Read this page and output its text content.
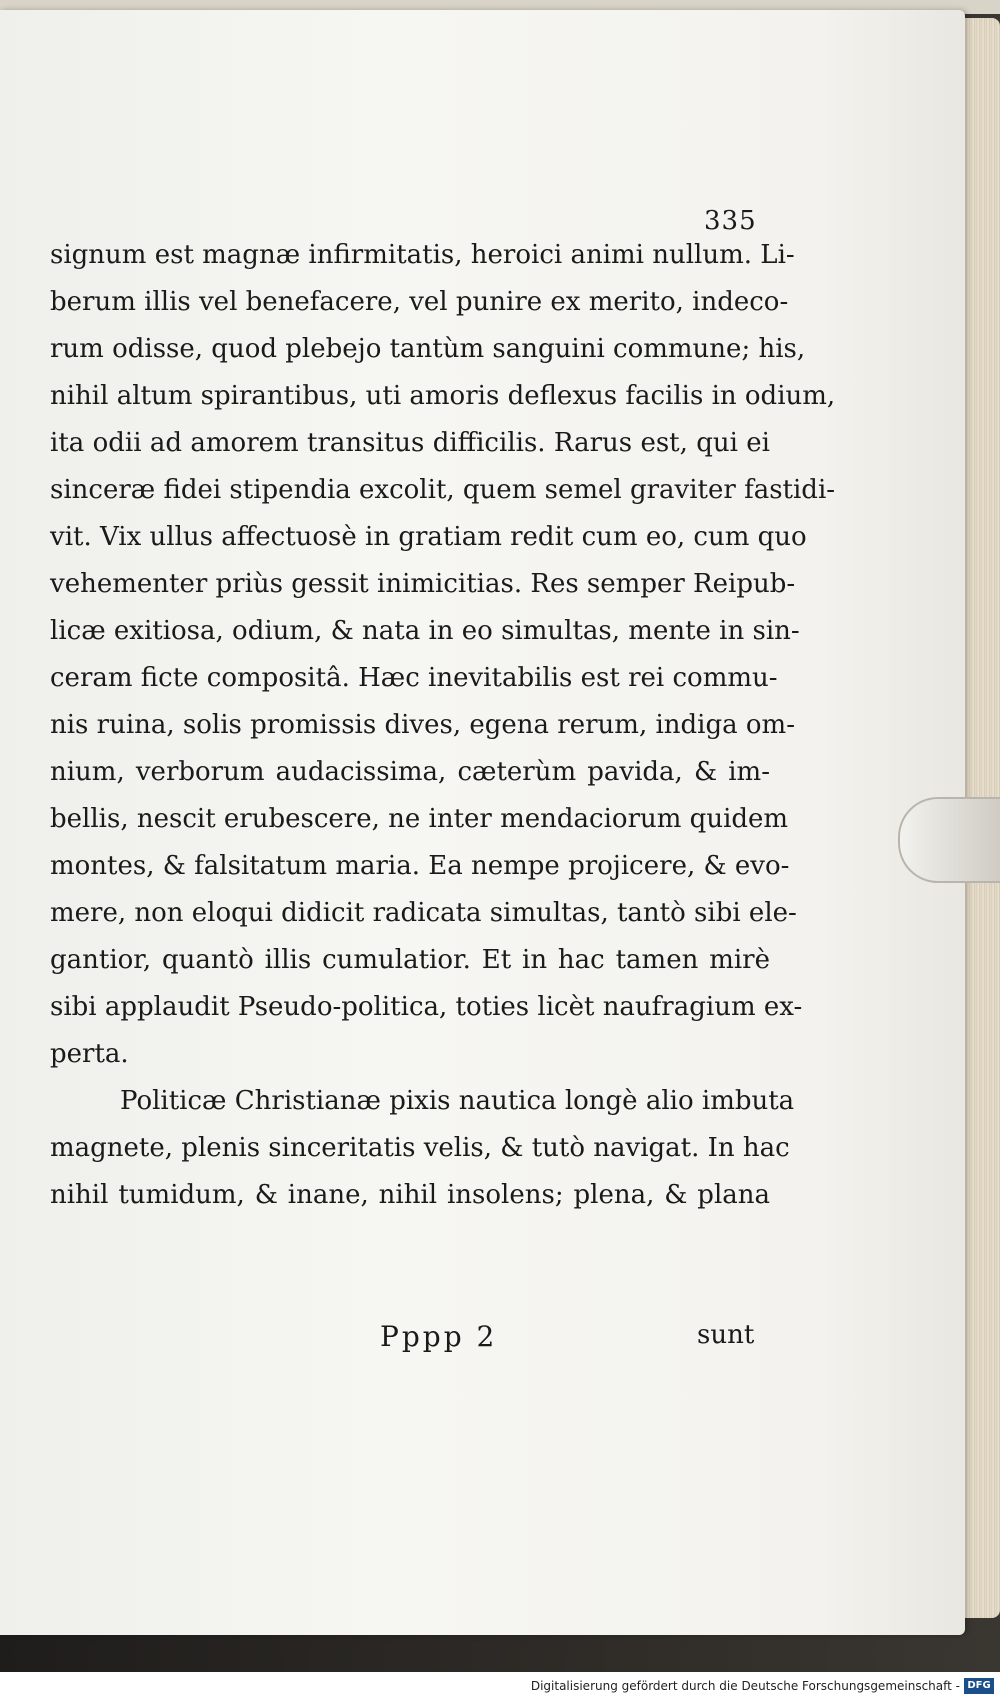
335
signum est magnæ infirmitatis, heroici animi nullum. Li-
berum illis vel benefacere, vel punire ex merito, indeco-
rum odisse, quod plebejo tantùm sanguini commune; his,
nihil altum spirantibus, uti amoris deflexus facilis in odium,
ita odii ad amorem transitus difficilis. Rarus est, qui ei
sinceræ fidei stipendia excolit, quem semel graviter fastidi-
vit. Vix ullus affectuosè in gratiam redit cum eo, cum quo
vehementer priùs gessit inimicitias. Res semper Reipub-
licæ exitiosa, odium, & nata in eo simultas, mente in sin-
ceram ficte compositâ. Hæc inevitabilis est rei commu-
nis ruina, solis promissis dives, egena rerum, indiga om-
nium, verborum audacissima, cæterùm pavida, & im-
bellis, nescit erubescere, ne inter mendaciorum quidem
montes, & falsitatum maria. Ea nempe projicere, & evo-
mere, non eloqui didicit radicata simultas, tantò sibi ele-
gantior, quantò illis cumulatior. Et in hac tamen mirè
sibi applaudit Pseudo-politica, toties licèt naufragium ex-
perta.
Politicæ Christianæ pixis nautica longè alio imbuta
magnete, plenis sinceritatis velis, & tutò navigat. In hac
nihil tumidum, & inane, nihil insolens; plena, & plana
Pppp 2	sunt
Digitalisierung gefördert durch die Deutsche Forschungsgemeinschaft - DFG
